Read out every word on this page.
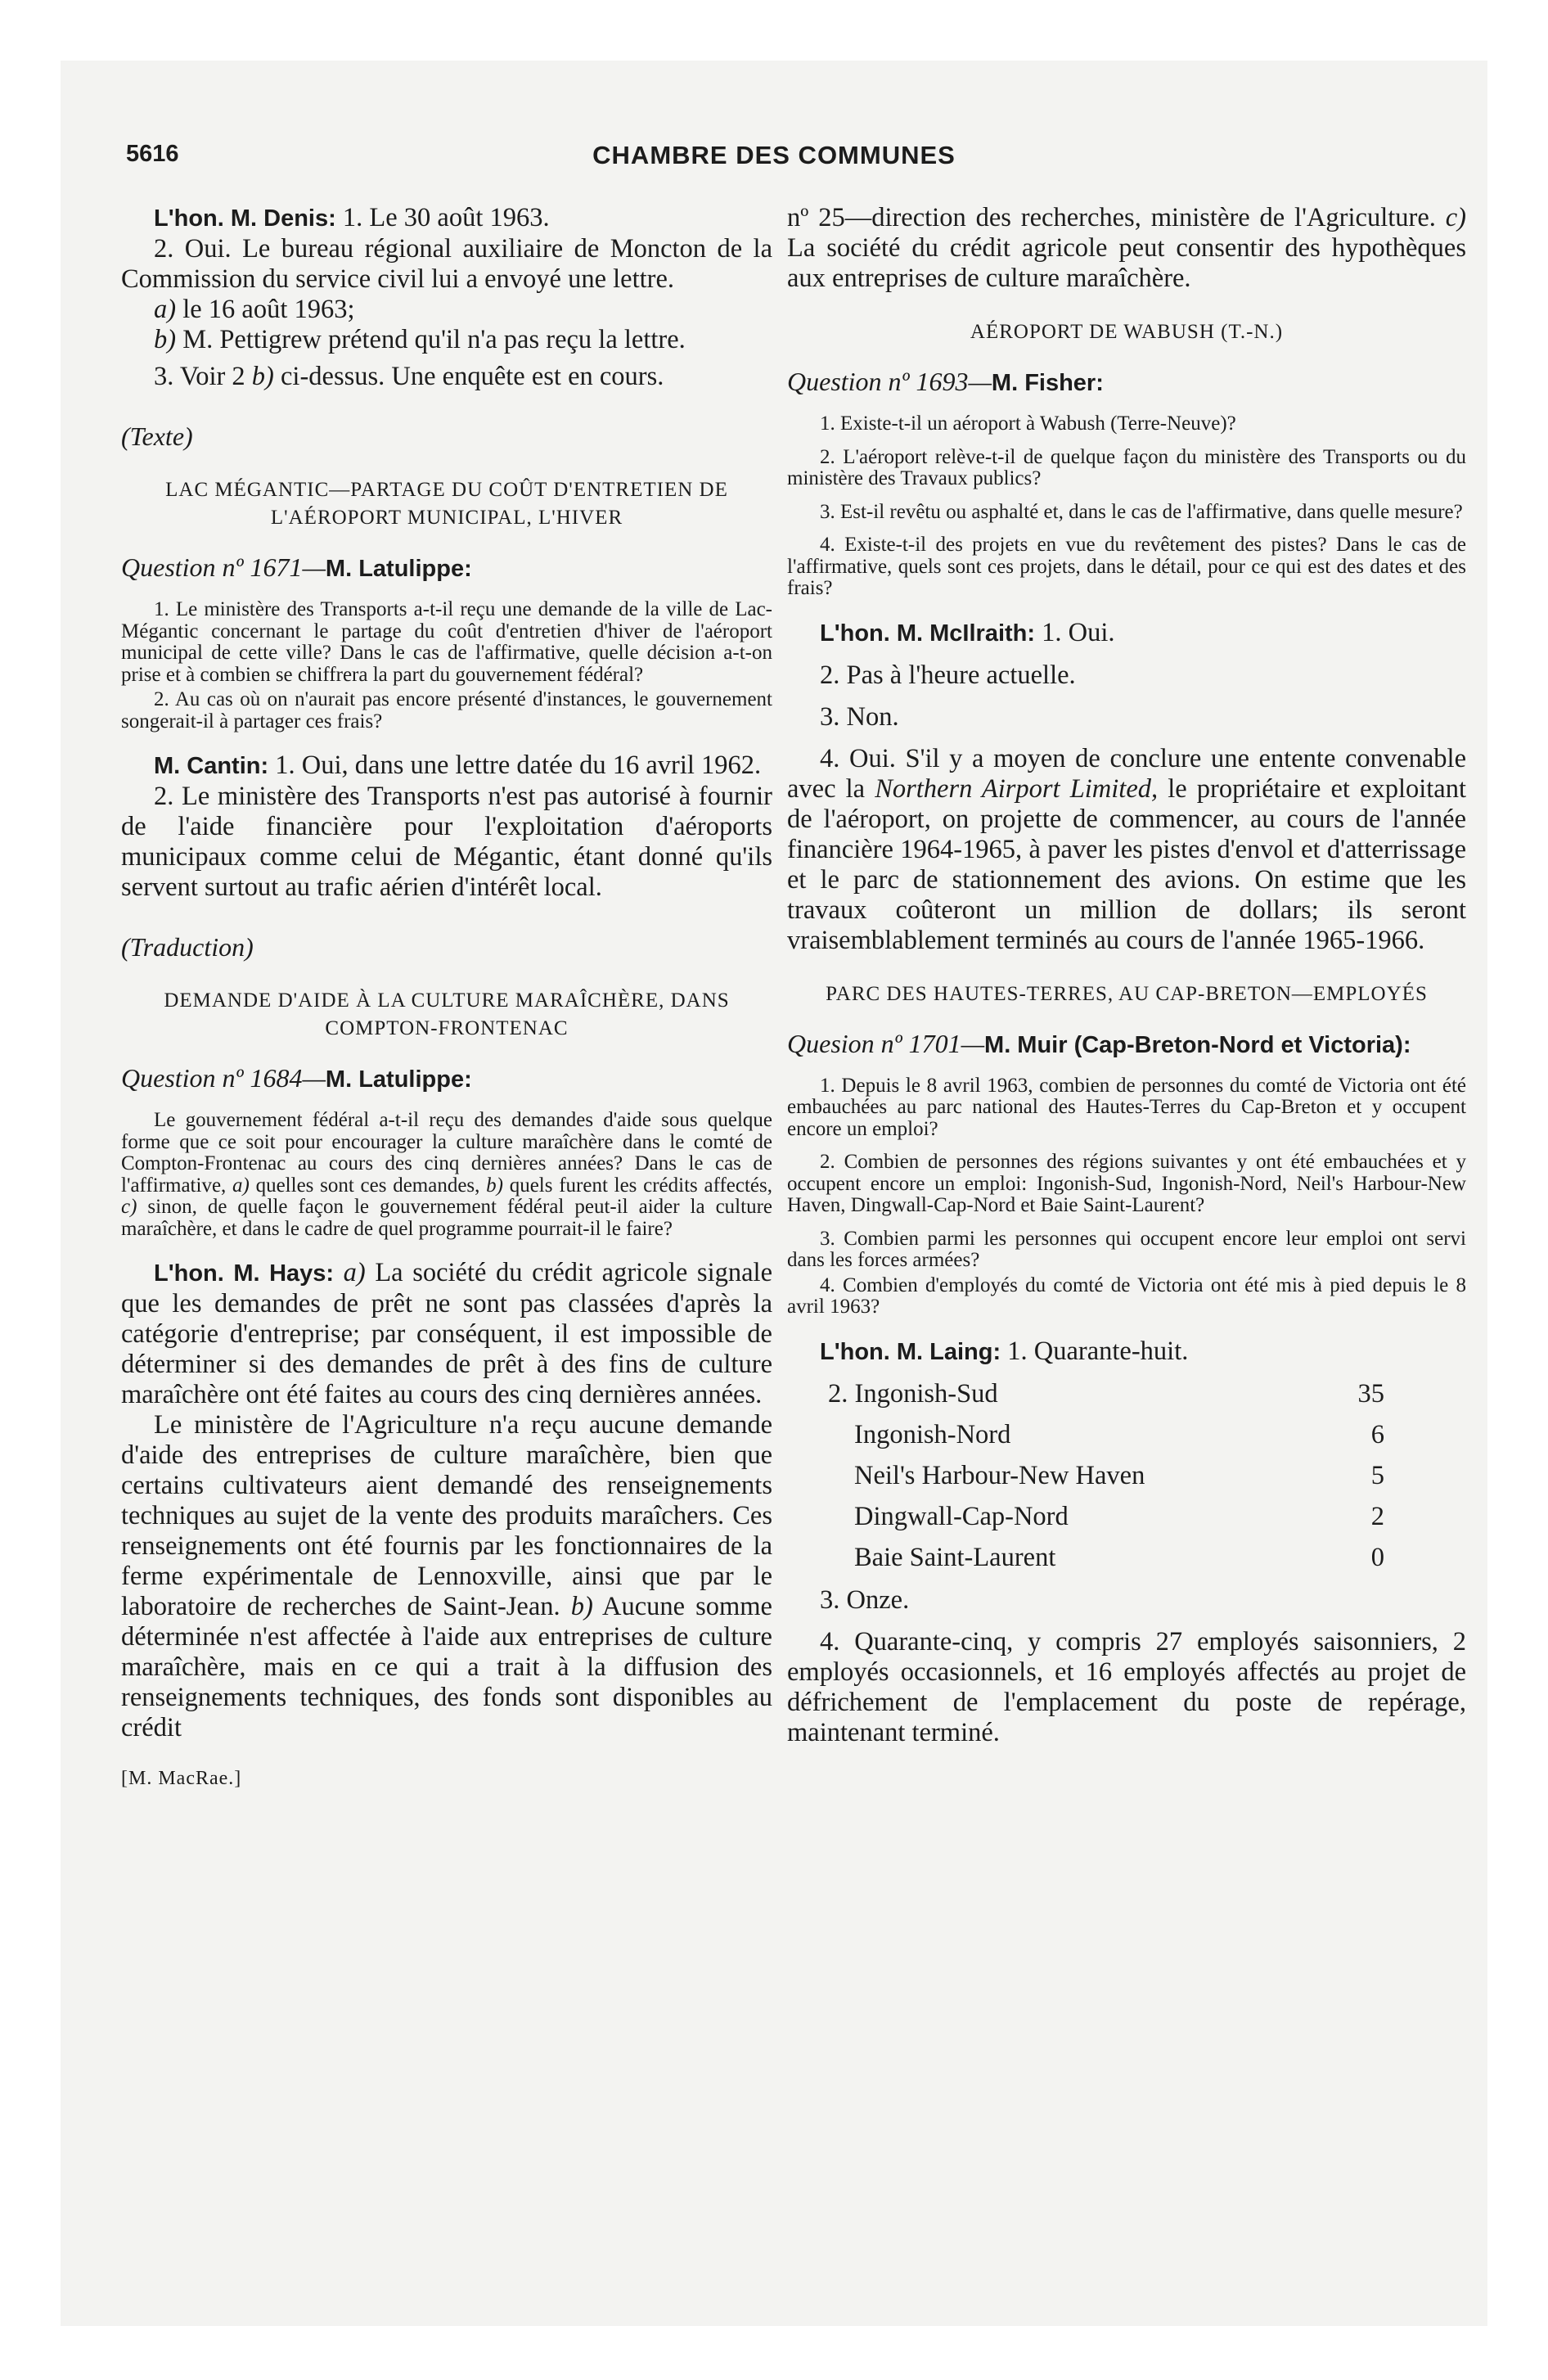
5616	CHAMBRE DES COMMUNES

L'hon. M. Denis: 1. Le 30 août 1963.

2. Oui. Le bureau régional auxiliaire de Moncton de la Commission du service civil lui a envoyé une lettre.

a) le 16 août 1963;

b) M. Pettigrew prétend qu'il n'a pas reçu la lettre.

3. Voir 2 b) ci-dessus. Une enquête est en cours.

(Texte)

LAC MÉGANTIC—PARTAGE DU COÛT D'ENTRETIEN DE L'AÉROPORT MUNICIPAL, L'HIVER

Question nº 1671—M. Latulippe:

1. Le ministère des Transports a-t-il reçu une demande de la ville de Lac-Mégantic concernant le partage du coût d'entretien d'hiver de l'aéroport municipal de cette ville? Dans le cas de l'affirmative, quelle décision a-t-on prise et à combien se chiffrera la part du gouvernement fédéral?

2. Au cas où on n'aurait pas encore présenté d'instances, le gouvernement songerait-il à partager ces frais?

M. Cantin: 1. Oui, dans une lettre datée du 16 avril 1962.

2. Le ministère des Transports n'est pas autorisé à fournir de l'aide financière pour l'exploitation d'aéroports municipaux comme celui de Mégantic, étant donné qu'ils servent surtout au trafic aérien d'intérêt local.

(Traduction)

DEMANDE D'AIDE À LA CULTURE MARAÎCHÈRE, DANS COMPTON-FRONTENAC

Question nº 1684—M. Latulippe:

Le gouvernement fédéral a-t-il reçu des demandes d'aide sous quelque forme que ce soit pour encourager la culture maraîchère dans le comté de Compton-Frontenac au cours des cinq dernières années? Dans le cas de l'affirmative, a) quelles sont ces demandes, b) quels furent les crédits affectés, c) sinon, de quelle façon le gouvernement fédéral peut-il aider la culture maraîchère, et dans le cadre de quel programme pourrait-il le faire?

L'hon. M. Hays: a) La société du crédit agricole signale que les demandes de prêt ne sont pas classées d'après la catégorie d'entreprise; par conséquent, il est impossible de déterminer si des demandes de prêt à des fins de culture maraîchère ont été faites au cours des cinq dernières années.

Le ministère de l'Agriculture n'a reçu aucune demande d'aide des entreprises de culture maraîchère, bien que certains cultivateurs aient demandé des renseignements techniques au sujet de la vente des produits maraîchers. Ces renseignements ont été fournis par les fonctionnaires de la ferme expérimentale de Lennoxville, ainsi que par le laboratoire de recherches de Saint-Jean. b) Aucune somme déterminée n'est affectée à l'aide aux entreprises de culture maraîchère, mais en ce qui a trait à la diffusion des renseignements techniques, des fonds sont disponibles au crédit

[M. MacRae.]

nº 25—direction des recherches, ministère de l'Agriculture. c) La société du crédit agricole peut consentir des hypothèques aux entreprises de culture maraîchère.

AÉROPORT DE WABUSH (T.-N.)

Question nº 1693—M. Fisher:

1. Existe-t-il un aéroport à Wabush (Terre-Neuve)?

2. L'aéroport relève-t-il de quelque façon du ministère des Transports ou du ministère des Travaux publics?

3. Est-il revêtu ou asphalté et, dans le cas de l'affirmative, dans quelle mesure?

4. Existe-t-il des projets en vue du revêtement des pistes? Dans le cas de l'affirmative, quels sont ces projets, dans le détail, pour ce qui est des dates et des frais?

L'hon. M. McIlraith: 1. Oui.

2. Pas à l'heure actuelle.

3. Non.

4. Oui. S'il y a moyen de conclure une entente convenable avec la Northern Airport Limited, le propriétaire et exploitant de l'aéroport, on projette de commencer, au cours de l'année financière 1964-1965, à paver les pistes d'envol et d'atterrissage et le parc de stationnement des avions. On estime que les travaux coûteront un million de dollars; ils seront vraisemblablement terminés au cours de l'année 1965-1966.

PARC DES HAUTES-TERRES, AU CAP-BRETON—EMPLOYÉS

Quesion nº 1701—M. Muir (Cap-Breton-Nord et Victoria):

1. Depuis le 8 avril 1963, combien de personnes du comté de Victoria ont été embauchées au parc national des Hautes-Terres du Cap-Breton et y occupent encore un emploi?

2. Combien de personnes des régions suivantes y ont été embauchées et y occupent encore un emploi: Ingonish-Sud, Ingonish-Nord, Neil's Harbour-New Haven, Dingwall-Cap-Nord et Baie Saint-Laurent?

3. Combien parmi les personnes qui occupent encore leur emploi ont servi dans les forces armées?

4. Combien d'employés du comté de Victoria ont été mis à pied depuis le 8 avril 1963?

L'hon. M. Laing: 1. Quarante-huit.

2. Ingonish-Sud	35
Ingonish-Nord	6
Neil's Harbour-New Haven	5
Dingwall-Cap-Nord	2
Baie Saint-Laurent	0

3. Onze.

4. Quarante-cinq, y compris 27 employés saisonniers, 2 employés occasionnels, et 16 employés affectés au projet de défrichement de l'emplacement du poste de repérage, maintenant terminé.
